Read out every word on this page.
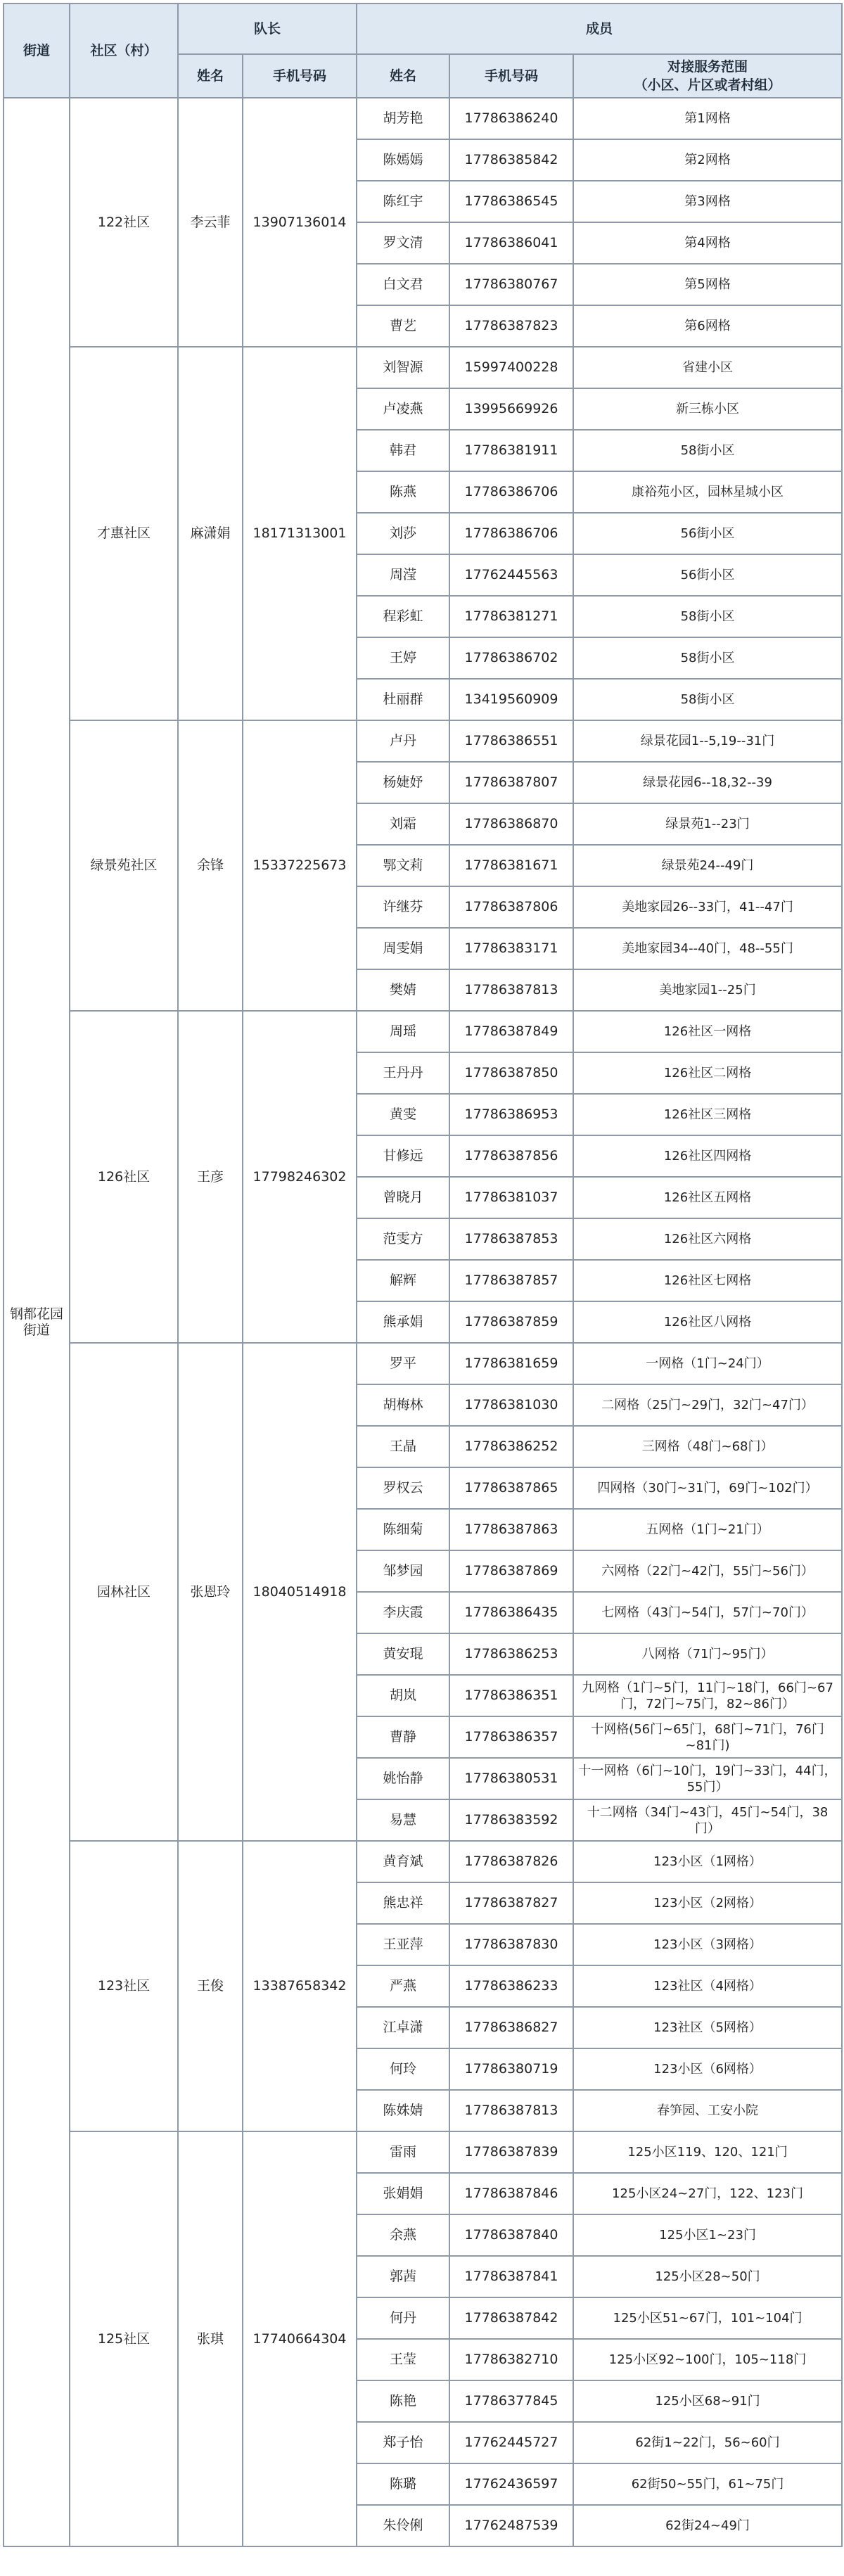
街道	社区（村）	队长		成员		
		姓名	手机号码	姓名	手机号码	对接服务范围
（小区、片区或者村组）
钢都花园
街道	122社区	李云菲	13907136014	胡芳艳	17786386240	第1网格
				陈嫣嫣	17786385842	第2网格
				陈红宇	17786386545	第3网格
				罗文清	17786386041	第4网格
				白文君	17786380767	第5网格
				曹艺	17786387823	第6网格
	才惠社区	麻潇娟	18171313001	刘智源	15997400228	省建小区
				卢凌燕	13995669926	新三栋小区
				韩君	17786381911	58街小区
				陈燕	17786386706	康裕苑小区，园林星城小区
				刘莎	17786386706	56街小区
				周滢	17762445563	56街小区
				程彩虹	17786381271	58街小区
				王婷	17786386702	58街小区
				杜丽群	13419560909	58街小区
	绿景苑社区	余锋	15337225673	卢丹	17786386551	绿景花园1--5,19--31门
				杨婕妤	17786387807	绿景花园6--18,32--39
				刘霜	17786386870	绿景苑1--23门
				鄂文莉	17786381671	绿景苑24--49门
				许继芬	17786387806	美地家园26--33门，41--47门
				周雯娟	17786383171	美地家园34--40门，48--55门
				樊婧	17786387813	美地家园1--25门
	126社区	王彦	17798246302	周瑶	17786387849	126社区一网格
				王丹丹	17786387850	126社区二网格
				黄雯	17786386953	126社区三网格
				甘修远	17786387856	126社区四网格
				曾晓月	17786381037	126社区五网格
				范雯方	17786387853	126社区六网格
				解辉	17786387857	126社区七网格
				熊承娟	17786387859	126社区八网格
	园林社区	张恩玲	18040514918	罗平	17786381659	一网格（1门~24门）
				胡梅林	17786381030	二网格（25门~29门，32门~47门）
				王晶	17786386252	三网格（48门~68门）
				罗权云	17786387865	四网格（30门~31门，69门~102门）
				陈细菊	17786387863	五网格（1门~21门）
				邹梦园	17786387869	六网格（22门~42门，55门~56门）
				李庆霞	17786386435	七网格（43门~54门，57门~70门）
				黄安琨	17786386253	八网格（71门~95门）
				胡岚	17786386351	九网格（1门~5门，11门~18门，66门~67门，72门~75门，82~86门）
				曹静	17786386357	十网格(56门~65门，68门~71门，76门~81门)
				姚怡静	17786380531	十一网格（6门~10门，19门~33门，44门，55门）
				易慧	17786383592	十二网格（34门~43门，45门~54门，38门）
	123社区	王俊	13387658342	黄育斌	17786387826	123小区（1网格）
				熊忠祥	17786387827	123小区（2网格）
				王亚萍	17786387830	123小区（3网格）
				严燕	17786386233	123社区（4网格）
				江卓潇	17786386827	123社区（5网格）
				何玲	17786380719	123小区（6网格）
				陈姝婧	17786387813	春笋园、工安小院
	125社区	张琪	17740664304	雷雨	17786387839	125小区119、120、121门
				张娟娟	17786387846	125小区24~27门，122、123门
				余燕	17786387840	125小区1~23门
				郭茜	17786387841	125小区28~50门
				何丹	17786387842	125小区51~67门，101~104门
				王莹	17786382710	125小区92~100门，105~118门
				陈艳	17786377845	125小区68~91门
				郑子怡	17762445727	62街1~22门，56~60门
				陈璐	17762436597	62街50~55门，61~75门
				朱伶俐	17762487539	62街24~49门
